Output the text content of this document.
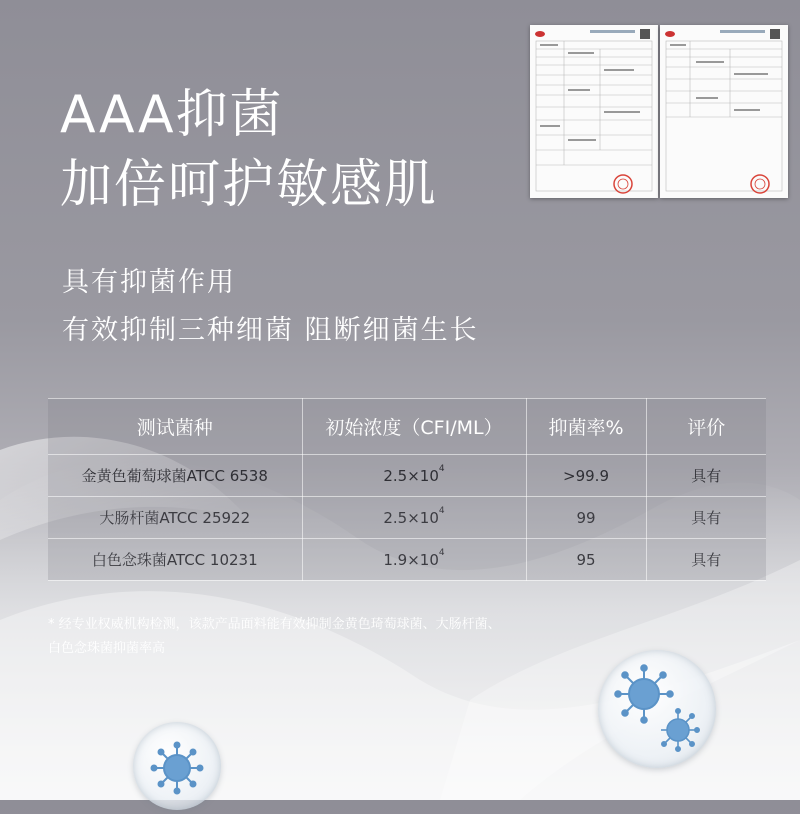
AAA抑菌
加倍呵护敏感肌
具有抑菌作用
有效抑制三种细菌 阻断细菌生长
测试菌种	初始浓度（CFI/ML）	抑菌率%	评价
金黄色葡萄球菌ATCC 6538	$2.5\times 10^4$	>99.9	具有
大肠杆菌ATCC 25922	$2.5\times 10^4$	99	具有
白色念珠菌ATCC 10231	$1.9\times 10^4$	95	具有
* 经专业权威机构检测，该款产品面料能有效抑制金黄色琦萄球菌、大肠杆菌、
白色念珠菌抑菌率高
